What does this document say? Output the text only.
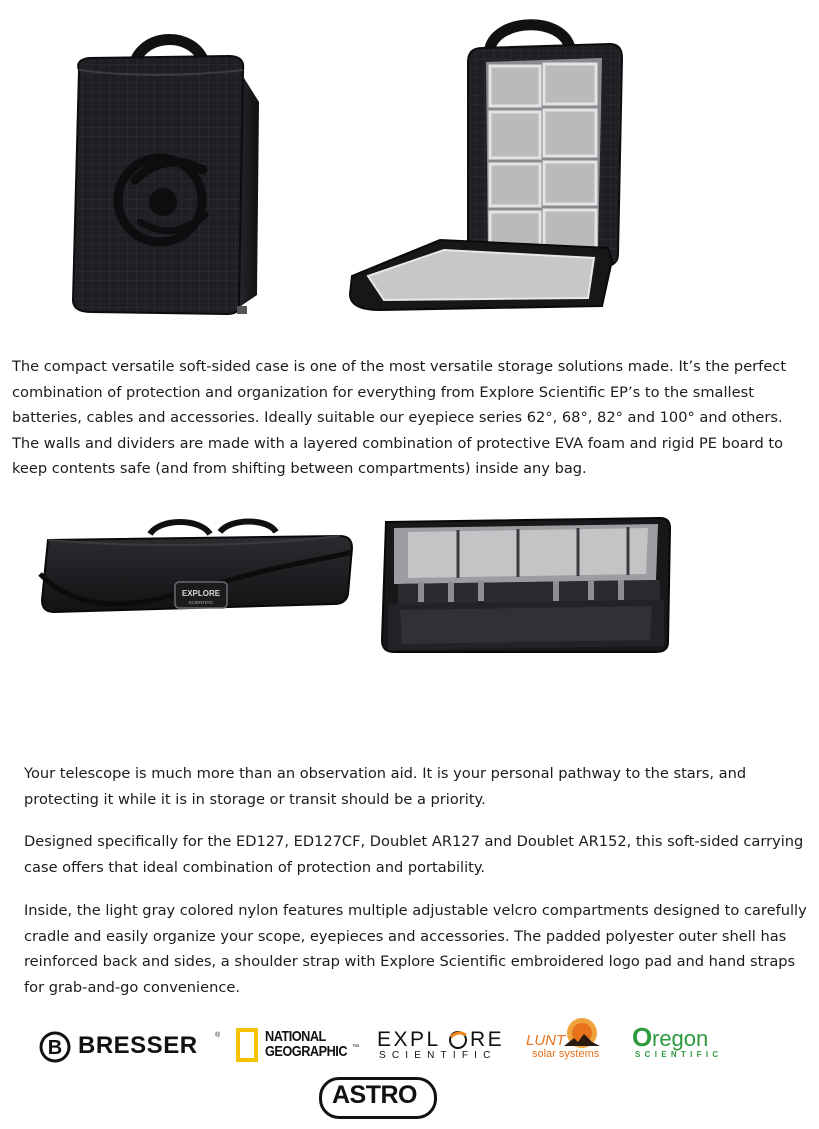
The compact versatile soft-sided case is one of the most versatile storage solutions made. It’s the perfect combination of protection and organization for everything from Explore Scientific EP’s to the smallest batteries, cables and accessories. Ideally suitable our eyepiece series 62°, 68°, 82° and 100° and others. The walls and dividers are made with a layered combination of protective EVA foam and rigid PE board to keep contents safe (and from shifting between compartments) inside any bag.

EXPLORE
SCIENTIFIC

Your telescope is much more than an observation aid. It is your personal pathway to the stars, and protecting it while it is in storage or transit should be a priority.

Designed specifically for the ED127, ED127CF, Doublet AR127 and Doublet AR152, this soft-sided carrying case offers that ideal combination of protection and portability.

Inside, the light gray colored nylon features multiple adjustable velcro compartments designed to carefully cradle and easily organize your scope, eyepieces and accessories. The padded polyester outer shell has reinforced back and sides, a shoulder strap with Explore Scientific embroidered logo pad and hand straps for grab-and-go convenience.

B BRESSER ®	NATIONAL
GEOGRAPHIC ™ EXPL RE
SCIENTIFIC
LUNT
solar systems
O regon
SCIENTIFIC
ASTRO
